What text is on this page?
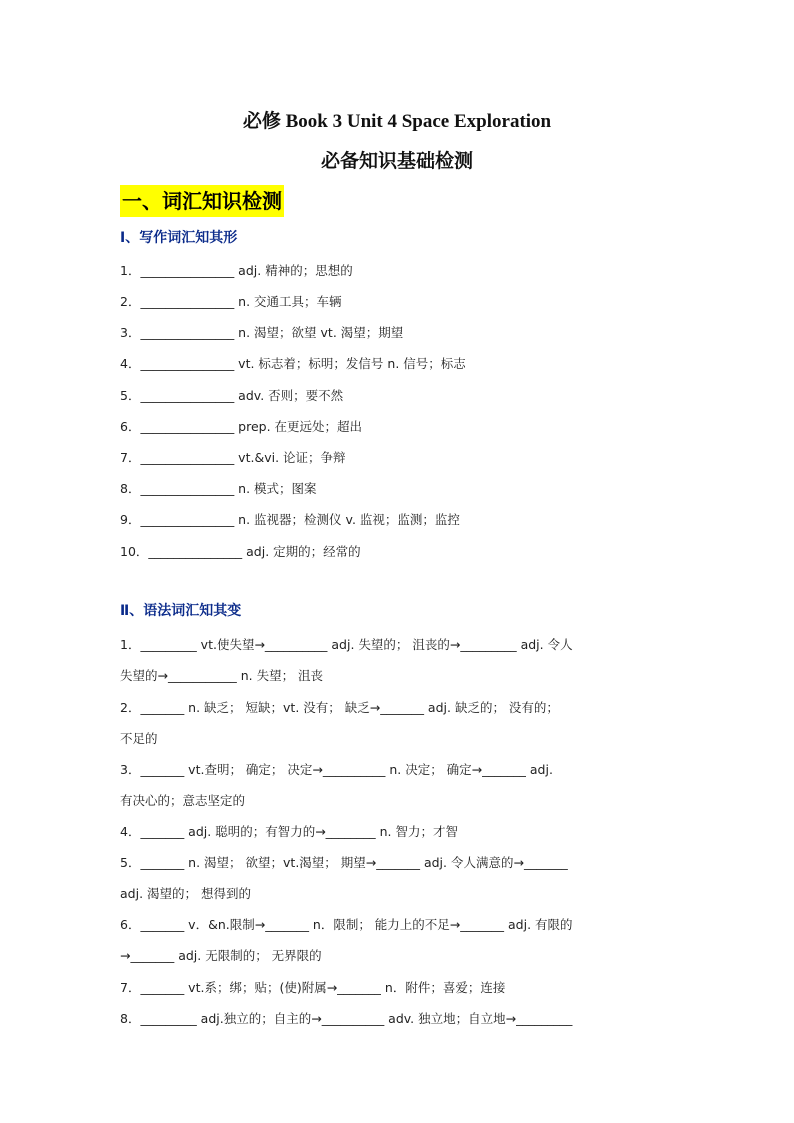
必修 Book 3 Unit 4 Space Exploration
必备知识基础检测
一、词汇知识检测
Ⅰ、写作词汇知其形
1．_______________ adj. 精神的；思想的
2．_______________ n. 交通工具；车辆
3．_______________ n. 渴望；欲望 vt. 渴望；期望
4．_______________ vt. 标志着；标明；发信号 n. 信号；标志
5．_______________ adv. 否则；要不然
6．_______________ prep. 在更远处；超出
7．_______________ vt.&vi. 论证；争辩
8．_______________ n. 模式；图案
9．_______________ n. 监视器；检测仪 v. 监视；监测；监控
10．_______________ adj. 定期的；经常的
Ⅱ、语法词汇知其变
1．_________ vt.使失望→__________ adj. 失望的； 沮丧的→_________ adj. 令人
失望的→___________ n. 失望； 沮丧
2．_______ n. 缺乏； 短缺；vt. 没有； 缺乏→_______ adj. 缺乏的； 没有的；
不足的
3．_______ vt.查明； 确定； 决定→__________ n. 决定； 确定→_______ adj.
有决心的；意志坚定的
4．_______ adj. 聪明的；有智力的→________ n. 智力；才智
5．_______ n. 渴望； 欲望；vt.渴望； 期望→_______ adj. 令人满意的→_______
adj. 渴望的； 想得到的
6．_______ v．&n.限制→_______ n．限制； 能力上的不足→_______ adj. 有限的
→_______ adj. 无限制的； 无界限的
7．_______ vt.系；绑；贴；(使)附属→_______ n．附件；喜爱；连接
8．_________ adj.独立的；自主的→__________ adv. 独立地；自立地→_________
